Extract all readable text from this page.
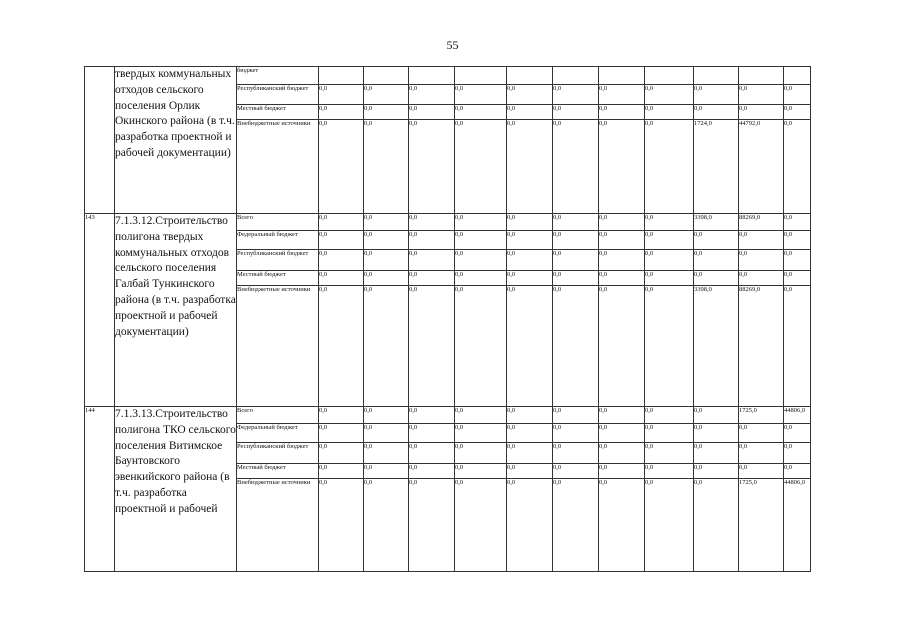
55
	твердых коммунальных отходов сельского поселения Орлик Окинского района (в т.ч. разработка проектной и рабочей документации)	бюджет											
		Республиканский бюджет	0,0	0,0	0,0	0,0	0,0	0,0	0,0	0,0	0,0	0,0	0,0
		Местный бюджет	0,0	0,0	0,0	0,0	0,0	0,0	0,0	0,0	0,0	0,0	0,0
		Внебюджетные источники	0,0	0,0	0,0	0,0	0,0	0,0	0,0	0,0	1724,0	44792,0	0,0
143	7.1.3.12.Строительство полигона твердых коммунальных отходов сельского поселения Галбай Тункинского района (в т.ч. разработка проектной и рабочей документации)	Всего	0,0	0,0	0,0	0,0	0,0	0,0	0,0	0,0	3398,0	88269,0	0,0
		Федеральный бюджет	0,0	0,0	0,0	0,0	0,0	0,0	0,0	0,0	0,0	0,0	0,0
		Республиканский бюджет	0,0	0,0	0,0	0,0	0,0	0,0	0,0	0,0	0,0	0,0	0,0
		Местный бюджет	0,0	0,0	0,0	0,0	0,0	0,0	0,0	0,0	0,0	0,0	0,0
		Внебюджетные источники	0,0	0,0	0,0	0,0	0,0	0,0	0,0	0,0	3398,0	88269,0	0,0
144	7.1.3.13.Строительство полигона ТКО сельского поселения Витимское Баунтовского эвенкийского района (в т.ч. разработка проектной и рабочей	Всего	0,0	0,0	0,0	0,0	0,0	0,0	0,0	0,0	0,0	1725,0	44806,0
		Федеральный бюджет	0,0	0,0	0,0	0,0	0,0	0,0	0,0	0,0	0,0	0,0	0,0
		Республиканский бюджет	0,0	0,0	0,0	0,0	0,0	0,0	0,0	0,0	0,0	0,0	0,0
		Местный бюджет	0,0	0,0	0,0	0,0	0,0	0,0	0,0	0,0	0,0	0,0	0,0
		Внебюджетные источники	0,0	0,0	0,0	0,0	0,0	0,0	0,0	0,0	0,0	1725,0	44806,0
